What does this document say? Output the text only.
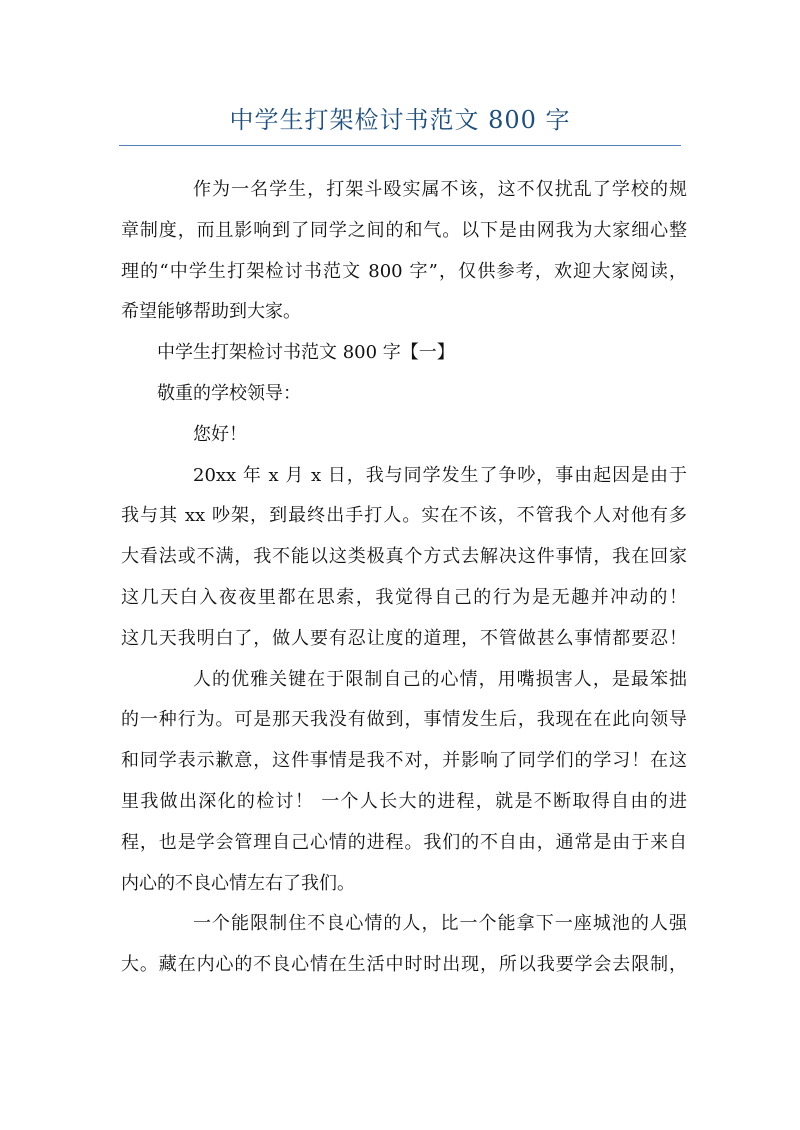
中学生打架检讨书范文 800 字
作为一名学生，打架斗殴实属不该，这不仅扰乱了学校的规
章制度，而且影响到了同学之间的和气。以下是由网我为大家细心整
理的“中学生打架检讨书范文 800 字”，仅供参考，欢迎大家阅读，
希望能够帮助到大家。
中学生打架检讨书范文 800 字【一】
敬重的学校领导：
您好！
20xx 年 x 月 x 日，我与同学发生了争吵，事由起因是由于
我与其 xx 吵架，到最终出手打人。实在不该，不管我个人对他有多
大看法或不满，我不能以这类极真个方式去解决这件事情，我在回家
这几天白入夜夜里都在思索，我觉得自己的行为是无趣并冲动的！
这几天我明白了，做人要有忍让度的道理，不管做甚么事情都要忍！
人的优雅关键在于限制自己的心情，用嘴损害人，是最笨拙
的一种行为。可是那天我没有做到，事情发生后，我现在在此向领导
和同学表示歉意，这件事情是我不对，并影响了同学们的学习！在这
里我做出深化的检讨！ 一个人长大的进程，就是不断取得自由的进
程，也是学会管理自己心情的进程。我们的不自由，通常是由于来自
内心的不良心情左右了我们。
一个能限制住不良心情的人，比一个能拿下一座城池的人强
大。藏在内心的不良心情在生活中时时出现，所以我要学会去限制，
